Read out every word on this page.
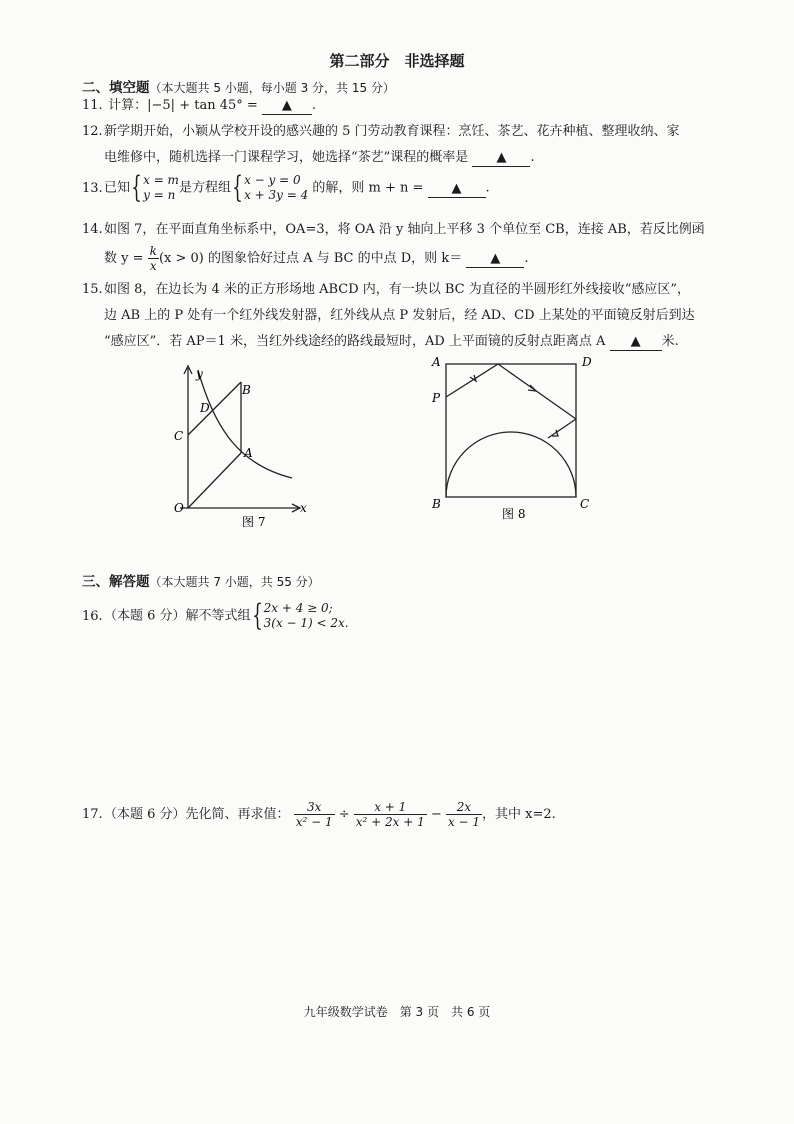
第二部分　非选择题
二、填空题（本大题共 5 小题，每小题 3 分，共 15 分）
11. 计算：|−5| + tan 45° = ▲ .
12.新学期开始，小颖从学校开设的感兴趣的 5 门劳动教育课程：烹饪、茶艺、花卉种植、整理收纳、家
电维修中，随机选择一门课程学习，她选择“茶艺”课程的概率是 ▲ .
13.已知{ x = m
y = n 是方程组{ x − y = 0
x + 3y = 4 的解，则 m + n = ▲ .
14.如图 7，在平面直角坐标系中，OA=3，将 OA 沿 y 轴向上平移 3 个单位至 CB，连接 AB，若反比例函
数 $y = \frac{k}{x} (x > 0)$ 的图象恰好过点 A 与 BC 的中点 D，则 k＝ ▲ .
15.如图 8，在边长为 4 米的正方形场地 ABCD 内，有一块以 BC 为直径的半圆形红外线接收“感应区”，
边 AB 上的 P 处有一个红外线发射器，红外线从点 P 发射后，经 AD、CD 上某处的平面镜反射后到达
“感应区”．若 AP＝1 米，当红外线途经的路线最短时，AD 上平面镜的反射点距离点 A ▲ 米.
y
x
O
C
D
B
A
图 7
A	D
P
B	C
图 8
三、解答题（本大题共 7 小题，共 55 分）
16.（本题 6 分）解不等式组{ 2x + 4 ≥ 0;
3(x − 1) < 2x.
17.（本题 6 分）先化简、再求值： $\frac{3x}{\text{x² − 1}} \div \frac{x + 1}{\text{x² + 2x + 1}} - \frac{2x}{x - 1}$ ，其中 x=2.
九年级数学试卷　第 3 页　共 6 页
